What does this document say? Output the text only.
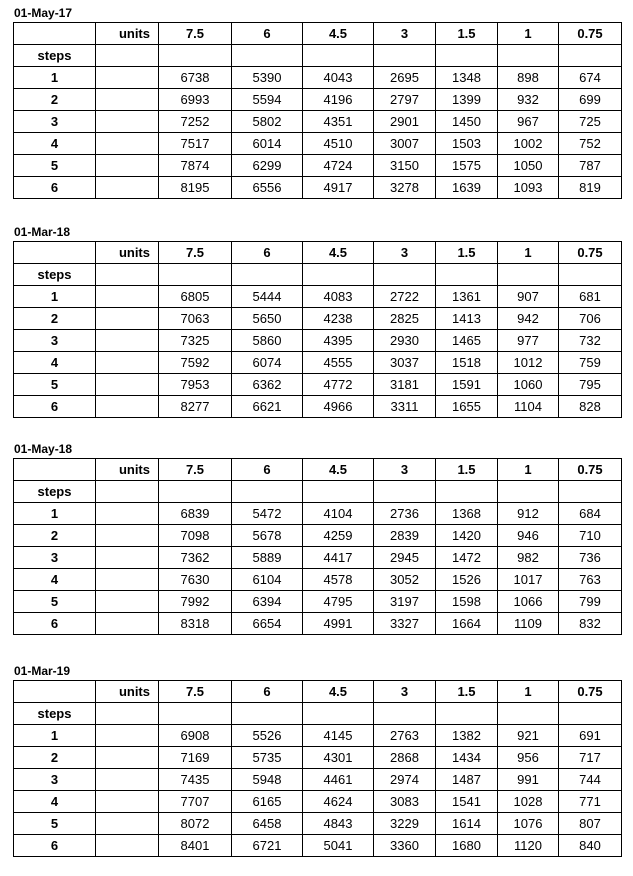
01-May-17
	units	7.5	6	4.5	3	1.5	1	0.75
steps								
1		6738	5390	4043	2695	1348	898	674
2		6993	5594	4196	2797	1399	932	699
3		7252	5802	4351	2901	1450	967	725
4		7517	6014	4510	3007	1503	1002	752
5		7874	6299	4724	3150	1575	1050	787
6		8195	6556	4917	3278	1639	1093	819
01-Mar-18
	units	7.5	6	4.5	3	1.5	1	0.75
steps								
1		6805	5444	4083	2722	1361	907	681
2		7063	5650	4238	2825	1413	942	706
3		7325	5860	4395	2930	1465	977	732
4		7592	6074	4555	3037	1518	1012	759
5		7953	6362	4772	3181	1591	1060	795
6		8277	6621	4966	3311	1655	1104	828
01-May-18
	units	7.5	6	4.5	3	1.5	1	0.75
steps								
1		6839	5472	4104	2736	1368	912	684
2		7098	5678	4259	2839	1420	946	710
3		7362	5889	4417	2945	1472	982	736
4		7630	6104	4578	3052	1526	1017	763
5		7992	6394	4795	3197	1598	1066	799
6		8318	6654	4991	3327	1664	1109	832
01-Mar-19
	units	7.5	6	4.5	3	1.5	1	0.75
steps								
1		6908	5526	4145	2763	1382	921	691
2		7169	5735	4301	2868	1434	956	717
3		7435	5948	4461	2974	1487	991	744
4		7707	6165	4624	3083	1541	1028	771
5		8072	6458	4843	3229	1614	1076	807
6		8401	6721	5041	3360	1680	1120	840
